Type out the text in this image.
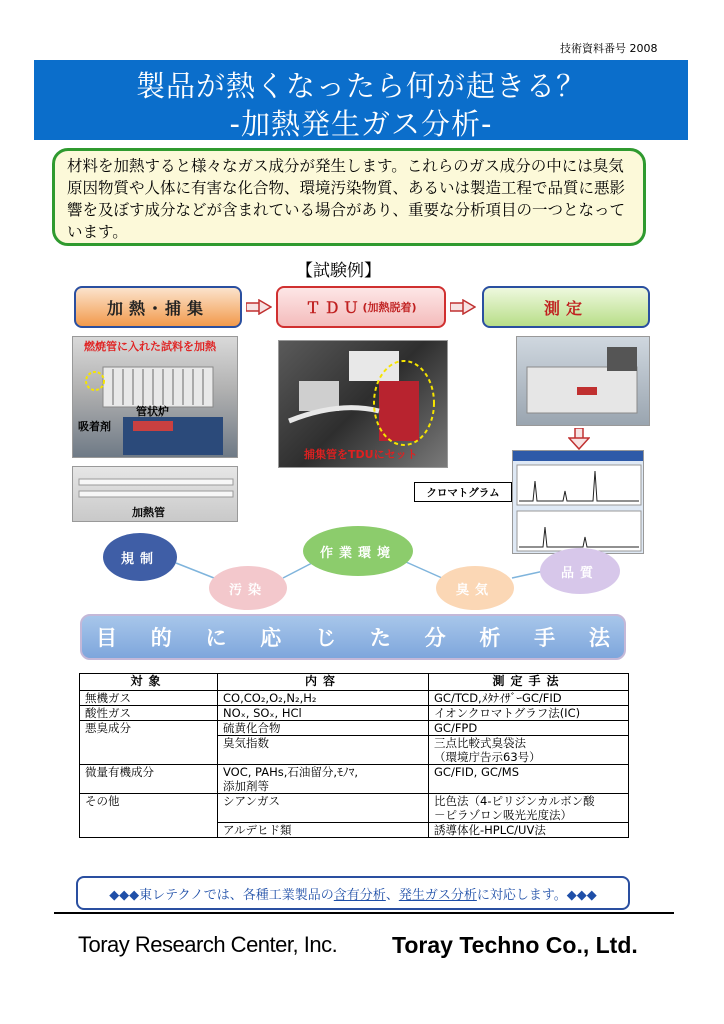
技術資料番号 2008
製品が熱くなったら何が起きる？
-加熱発生ガス分析-
材料を加熱すると様々なガス成分が発生します。これらのガス成分の中には臭気原因物質や人体に有害な化合物、環境汚染物質、あるいは製造工程で品質に悪影響を及ぼす成分などが含まれている場合があり、重要な分析項目の一つとなっています。
【試験例】
加熱･捕集	ＴＤＵ (加熱脱着)	測定
燃焼管に入れた試料を加熱
管状炉
吸着剤
加熱管
捕集管をTDUにセット
クロマトグラム
規制
汚染
作業環境
臭気
品質
目 的 に 応 じ た 分 析 手 法
対象	内容	測定手法
無機ガス	CO,CO₂,O₂,N₂,H₂	GC/TCD,ﾒﾀﾅｲｻﾞｰGC/FID
酸性ガス	NOₓ, SOₓ, HCl	イオンクロマトグラフ法(IC)
悪臭成分	硫黄化合物	GC/FPD
	臭気指数	三点比較式臭袋法
		（環境庁告示63号）
微量有機成分	VOC, PAHs,石油留分,ﾓﾉﾏ,	GC/FID, GC/MS
	添加剤等	
その他	シアンガス	比色法（4-ピリジンカルボン酸
		－ピラゾロン吸光光度法）
	アルデヒド類	誘導体化-HPLC/UV法
◆◆◆東レテクノでは、各種工業製品の 含有分析 、 発生ガス分析 に対応します。◆◆◆
Toray Research Center, Inc. Toray Techno Co., Ltd.
